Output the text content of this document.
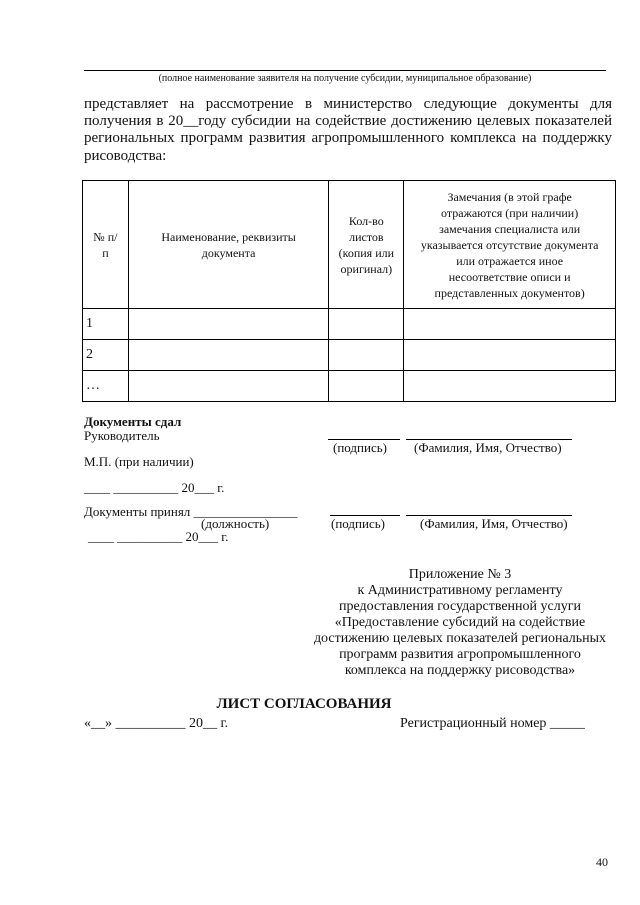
(полное наименование заявителя на получение субсидии, муниципальное образование)
представляет на рассмотрение в министерство следующие документы для получения в 20__году субсидии на содействие достижению целевых показателей региональных программ развития агропромышленного комплекса на поддержку рисоводства:
№ п/п	Наименование, реквизиты документа	Кол-во листов (копия или оригинал)	Замечания (в этой графе отражаются (при наличии) замечания специалиста или указывается отсутствие документа или отражается иное несоответствие описи и представленных документов)

1			
2			
…			
Документы сдал
Руководитель
(подпись) (Фамилия, Имя, Отчество)
М.П. (при наличии)
____ __________ 20___ г.
Документы принял ________________
(должность)	(подпись)	(Фамилия, Имя, Отчество)
____ __________ 20___ г.
Приложение № 3
к Административному регламенту
предоставления государственной услуги
«Предоставление субсидий на содействие
достижению целевых показателей региональных
программ развития агропромышленного
комплекса на поддержку рисоводства»
ЛИСТ СОГЛАСОВАНИЯ
«__» __________ 20__ г.	Регистрационный номер _____
40
